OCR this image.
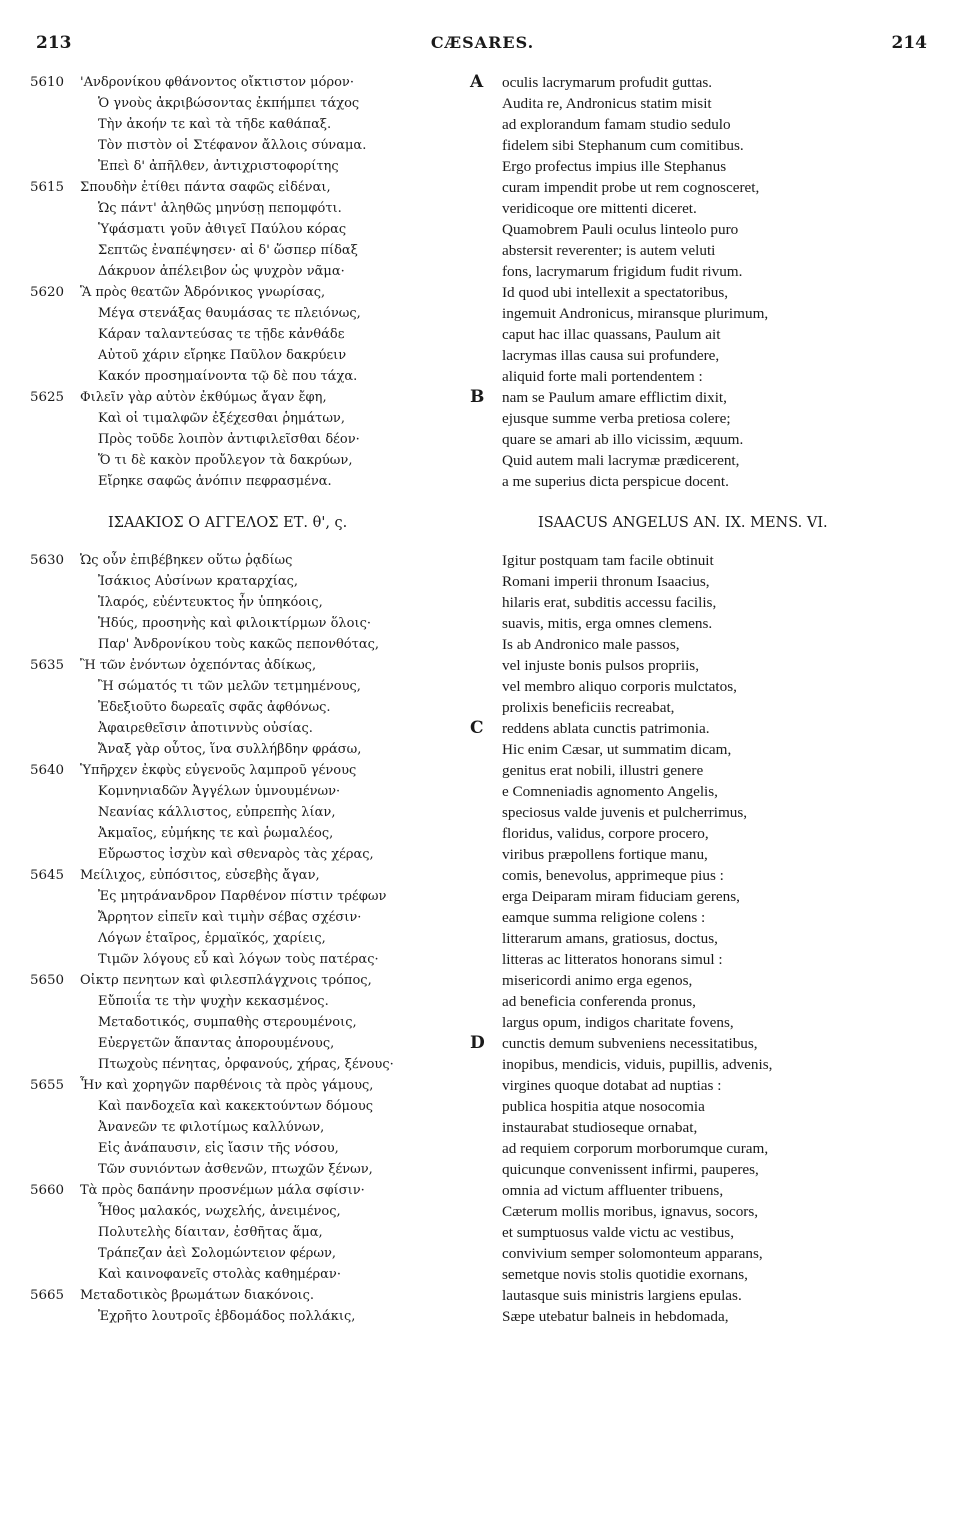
213	CÆSARES.	214
5610	'Ανδρονίκου φθάνοντος οἴκτιστον μόρον·
Ὁ γνοὺς ἀκριβώσοντας ἐκπήμπει τάχος
Τὴν ἀκοήν τε καὶ τὰ τῆδε καθάπαξ.
Τὸν πιστὸν οἱ Στέφανον ἄλλοις σύναμα.
Ἐπεὶ δ' ἀπῆλθεν, ἀντιχριστοφορίτης
5615	Σπουδὴν ἐτίθει πάντα σαφῶς εἰδέναι,
Ὡς πάντ' ἀληθῶς μηνύσῃ πεπομφότι.
Ὑφάσματι γοῦν ἀθιγεῖ Παύλου κόρας
Σεπτῶς ἐναπέψησεν· αἱ δ' ὥσπερ πίδαξ
Δάκρυον ἀπέλειβον ὡς ψυχρὸν νᾶμα·
5620	Ἃ πρὸς θεατῶν Ἀδρόνικος γνωρίσας,
Μέγα στενάξας θαυμάσας τε πλειόνως,
Κάραν ταλαντεύσας τε τῇδε κἀνθάδε
Αὐτοῦ χάριν εἴρηκε Παῦλον δακρύειν
Κακόν προσημαίνοντα τῷ δὲ που τάχα.
5625	Φιλεῖν γὰρ αὐτὸν ἐκθύμως ἄγαν ἔφη,
Καὶ οἱ τιμαλφῶν ἐξέχεσθαι ῥημάτων,
Πρὸς τοῦδε λοιπὸν ἀντιφιλεῖσθαι δέον·
Ὅ τι δὲ κακὸν προὔλεγον τὰ δακρύων,
Εἴρηκε σαφῶς ἀνόπιν πεφρασμένα.
ΙΣΑΑΚΙΟΣ Ο ΑΓΓΕΛΟΣ ΕΤ. θ', ς.
5630	Ὡς οὖν ἐπιβέβηκεν οὕτω ῥᾳδίως
Ἰσάκιος Αὐσίνων κραταρχίας,
Ἱλαρός, εὐέντευκτος ἦν ὑπηκόοις,
Ἡδύς, προσηνὴς καὶ φιλοικτίρμων ὅλοις·
Παρ' Ἀνδρονίκου τοὺς κακῶς πεπονθότας,
5635	Ἢ τῶν ἐνόντων ὀχεπόντας ἀδίκως,
Ἢ σώματός τι τῶν μελῶν τετμημένους,
Ἐδεξιοῦτο δωρεαῖς σφᾶς ἀφθόνως.
Ἀφαιρεθεῖσιν ἀποτιννὺς οὐσίας.
Ἄναξ γὰρ οὗτος, ἵνα συλλήβδην φράσω,
5640	Ὑπῆρχεν ἐκφὺς εὐγενοῦς λαμπροῦ γένους
Κομνηνιαδῶν Ἀγγέλων ὑμνουμένων·
Νεανίας κάλλιστος, εὐπρεπὴς λίαν,
Ἀκμαῖος, εὐμήκης τε καὶ ῥωμαλέος,
Εὔρωστος ἰσχὺν καὶ σθεναρὸς τὰς χέρας,
5645	Μείλιχος, εὐπόσιτος, εὐσεβὴς ἄγαν,
Ἐς μητράνανδρον Παρθένον πίστιν τρέφων
Ἄρρητον εἰπεῖν καὶ τιμὴν σέβας σχέσιν·
Λόγων ἑταῖρος, ἑρμαϊκός, χαρίεις,
Τιμῶν λόγους εὖ καὶ λόγων τοὺς πατέρας·
5650	Οἰκτρ πενητων καὶ φιλεσπλάγχνοις τρόπος,
Εὔποιΐα τε τὴν ψυχὴν κεκασμένος.
Μεταδοτικός, συμπαθὴς στερουμένοις,
Εὐεργετῶν ἅπαντας ἀπορουμένους,
Πτωχοὺς πένητας, ὀρφανούς, χήρας, ξένους·
5655	Ἦν καὶ χορηγῶν παρθένοις τὰ πρὸς γάμους,
Καὶ πανδοχεῖα καὶ κακεκτούντων δόμους
Ἀνανεῶν τε φιλοτίμως καλλύνων,
Εἰς ἀνάπαυσιν, εἰς ἴασιν τῆς νόσου,
Τῶν συνιόντων ἀσθενῶν, πτωχῶν ξένων,
5660	Τὰ πρὸς δαπάνην προσνέμων μάλα σφίσιν·
Ἦθος μαλακός, νωχελής, ἀνειμένος,
Πολυτελὴς δίαιταν, ἐσθῆτας ἅμα,
Τράπεζαν ἀεὶ Σολομώντειον φέρων,
Καὶ καινοφανεῖς στολὰς καθημέραν·
5665	Μεταδοτικὸς βρωμάτων διακόνοις.
Ἐχρῆτο λουτροῖς ἑβδομάδος πολλάκις,
A	oculis lacrymarum profudit guttas.
Audita re, Andronicus statim misit
ad explorandum famam studio sedulo
fidelem sibi Stephanum cum comitibus.
Ergo profectus impius ille Stephanus
curam impendit probe ut rem cognosceret,
veridicoque ore mittenti diceret.
Quamobrem Pauli oculus linteolo puro
abstersit reverenter; is autem veluti
fons, lacrymarum frigidum fudit rivum.
Id quod ubi intellexit a spectatoribus,
ingemuit Andronicus, miransque plurimum,
caput hac illac quassans, Paulum ait
lacrymas illas causa sui profundere,
aliquid forte mali portendentem :
B	nam se Paulum amare efflictim dixit,
ejusque summe verba pretiosa colere;
quare se amari ab illo vicissim, æquum.
Quid autem mali lacrymæ prædicerent,
a me superius dicta perspicue docent.
ISAACUS ANGELUS AN. IX. MENS. VI.
Igitur postquam tam facile obtinuit
Romani imperii thronum Isaacius,
hilaris erat, subditis accessu facilis,
suavis, mitis, erga omnes clemens.
Is ab Andronico male passos,
vel injuste bonis pulsos propriis,
vel membro aliquo corporis mulctatos,
prolixis beneficiis recreabat,
C	reddens ablata cunctis patrimonia.
Hic enim Cæsar, ut summatim dicam,
genitus erat nobili, illustri genere
e Comneniadis agnomento Angelis,
speciosus valde juvenis et pulcherrimus,
floridus, validus, corpore procero,
viribus præpollens fortique manu,
comis, benevolus, apprimeque pius :
erga Deiparam miram fiduciam gerens,
eamque summa religione colens :
litterarum amans, gratiosus, doctus,
litteras ac litteratos honorans simul :
misericordi animo erga egenos,
ad beneficia conferenda pronus,
largus opum, indigos charitate fovens,
D	cunctis demum subveniens necessitatibus,
inopibus, mendicis, viduis, pupillis, advenis,
virgines quoque dotabat ad nuptias :
publica hospitia atque nosocomia
instaurabat studioseque ornabat,
ad requiem corporum morborumque curam,
quicunque convenissent infirmi, pauperes,
omnia ad victum affluenter tribuens,
Cæterum mollis moribus, ignavus, socors,
et sumptuosus valde victu ac vestibus,
convivium semper solomonteum apparans,
semetque novis stolis quotidie exornans,
lautasque suis ministris largiens epulas.
Sæpe utebatur balneis in hebdomada,
